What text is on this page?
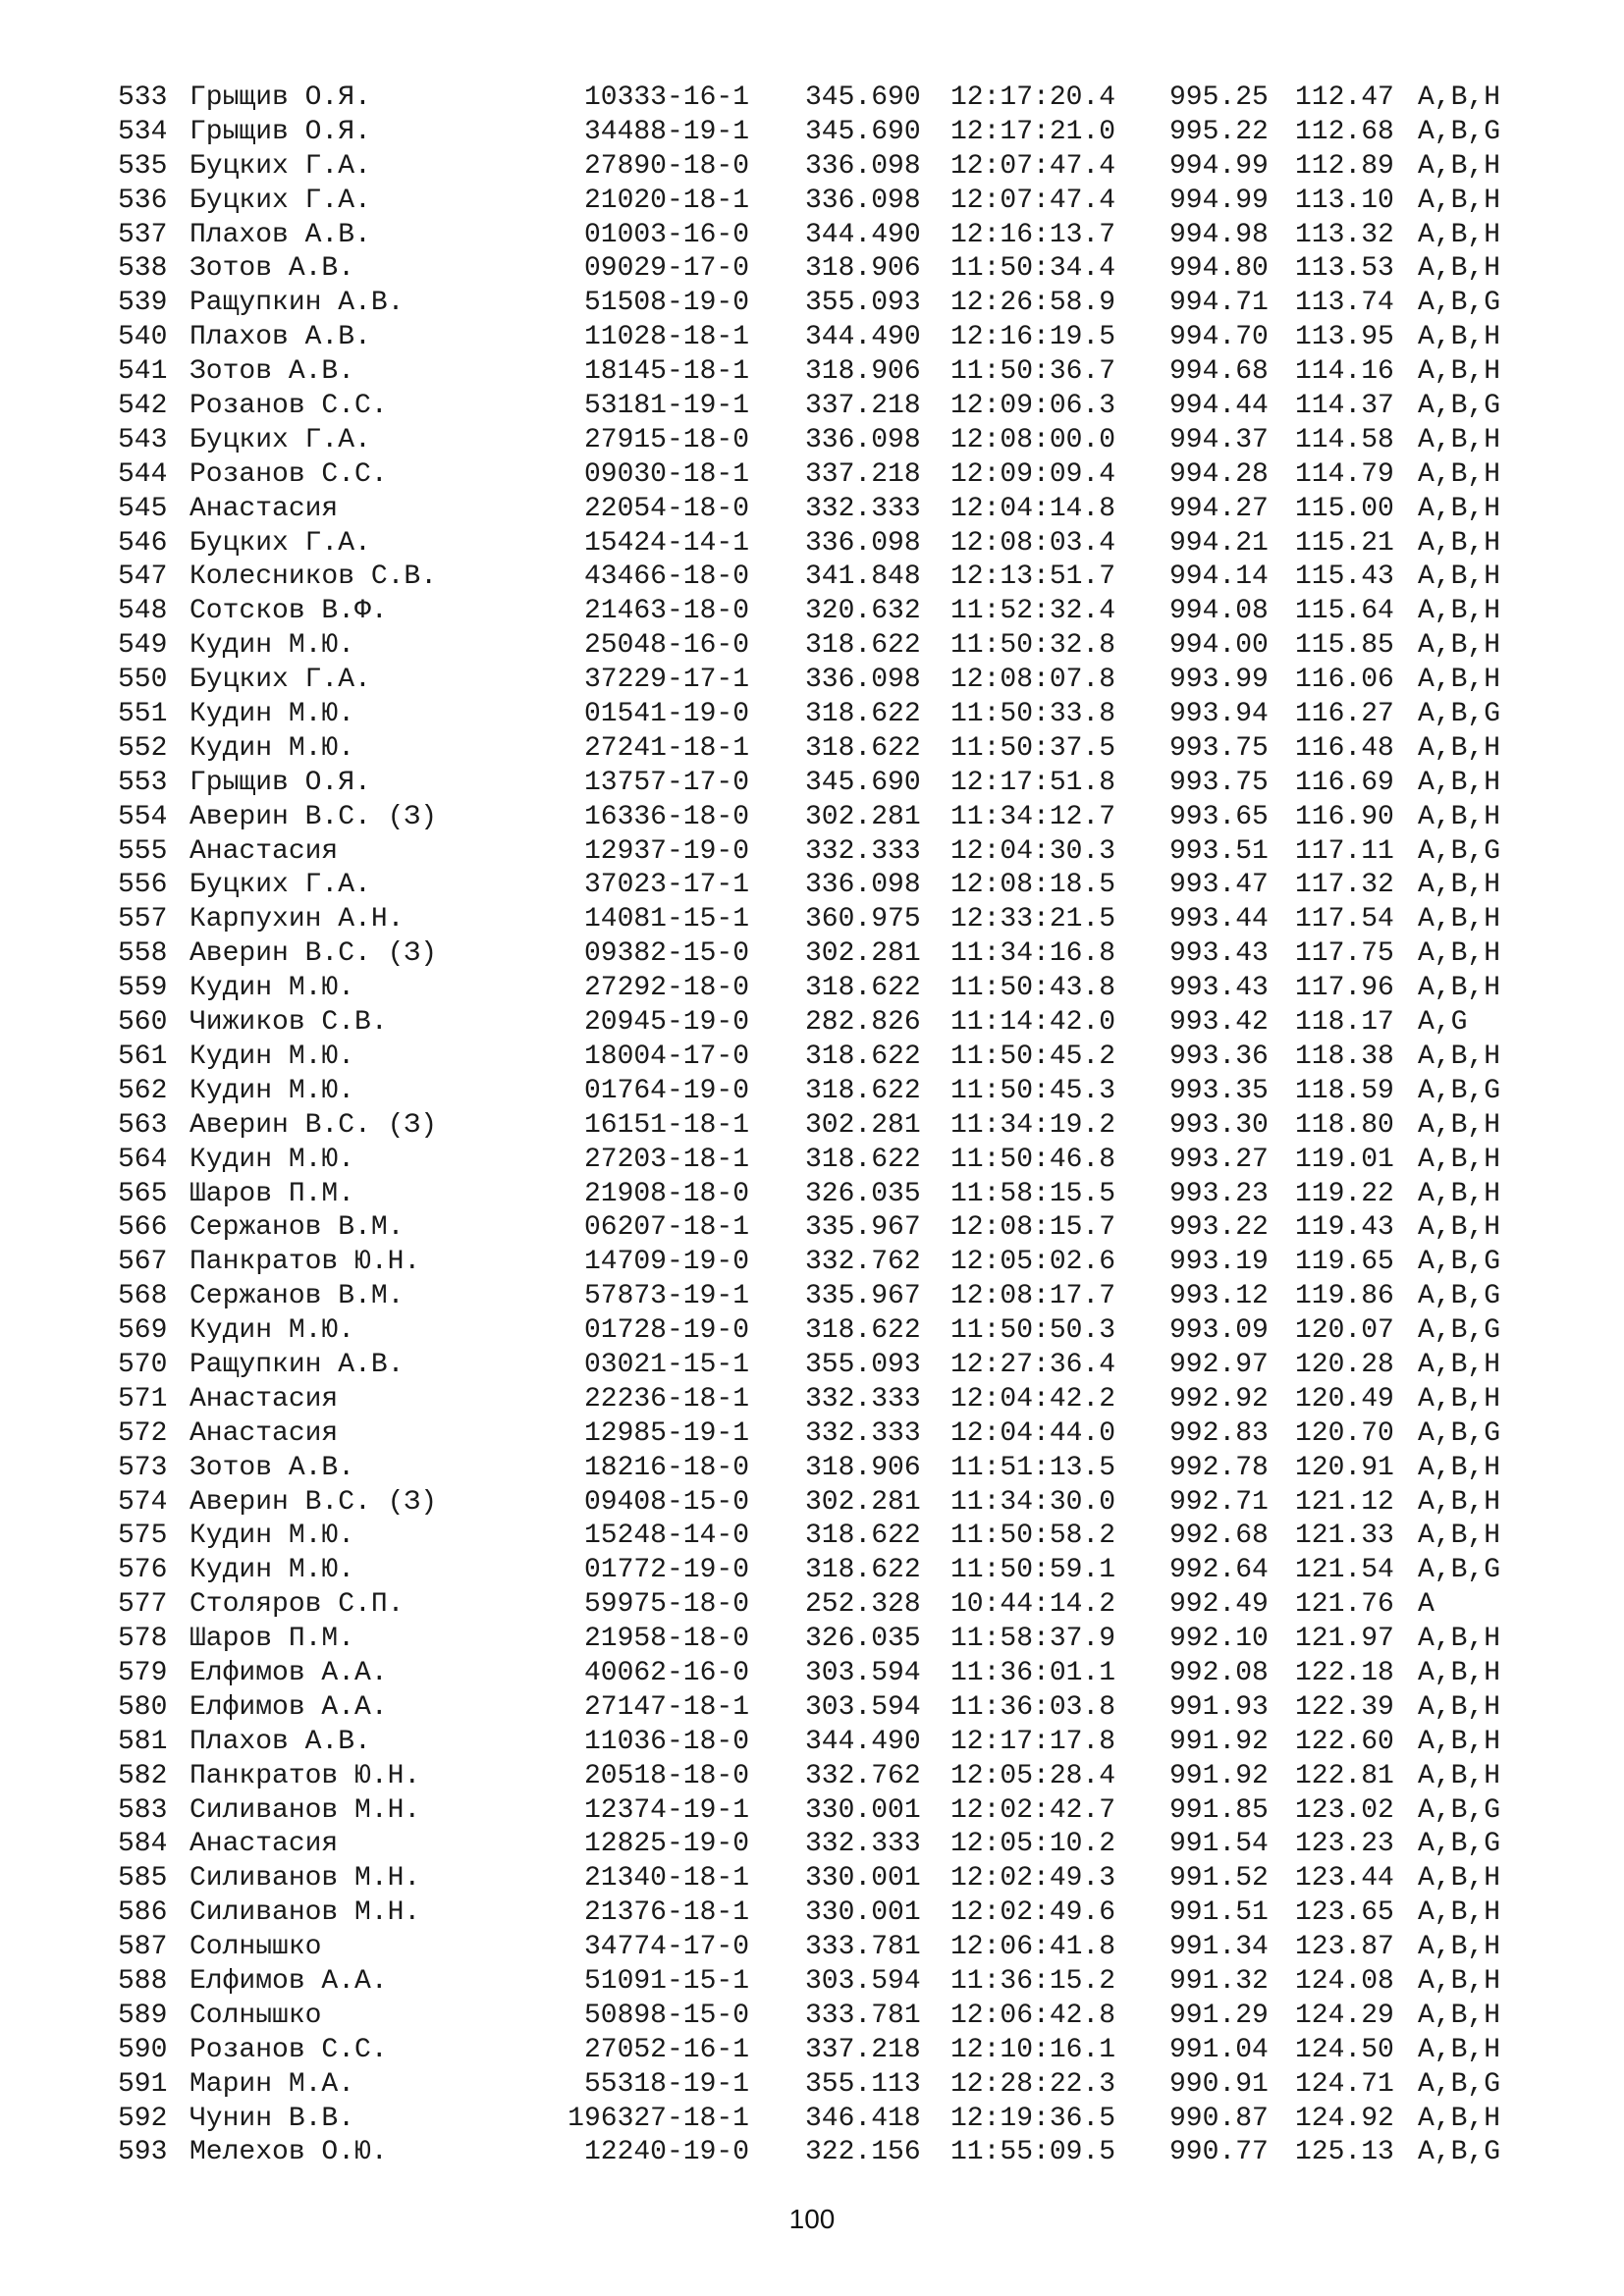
533 Грыщив О.Я.	10333-16-1 345.690 12:17:20.4 995.25 112.47 A,B,H
534 Грыщив О.Я.	34488-19-1 345.690 12:17:21.0 995.22 112.68 A,B,G
535 Буцких Г.А.	27890-18-0 336.098 12:07:47.4 994.99 112.89 A,B,H
536 Буцких Г.А.	21020-18-1 336.098 12:07:47.4 994.99 113.10 A,B,H
537 Плахов А.В.	01003-16-0 344.490 12:16:13.7 994.98 113.32 A,B,H
538 Зотов А.В.	09029-17-0 318.906 11:50:34.4 994.80 113.53 A,B,H
539 Ращупкин А.В.	51508-19-0 355.093 12:26:58.9 994.71 113.74 A,B,G
540 Плахов А.В.	11028-18-1 344.490 12:16:19.5 994.70 113.95 A,B,H
541 Зотов А.В.	18145-18-1 318.906 11:50:36.7 994.68 114.16 A,B,H
542 Розанов С.С.	53181-19-1 337.218 12:09:06.3 994.44 114.37 A,B,G
543 Буцких Г.А.	27915-18-0 336.098 12:08:00.0 994.37 114.58 A,B,H
544 Розанов С.С.	09030-18-1 337.218 12:09:09.4 994.28 114.79 A,B,H
545 Анастасия	22054-18-0 332.333 12:04:14.8 994.27 115.00 A,B,H
546 Буцких Г.А.	15424-14-1 336.098 12:08:03.4 994.21 115.21 A,B,H
547 Колесников С.В.	43466-18-0 341.848 12:13:51.7 994.14 115.43 A,B,H
548 Сотсков В.Ф.	21463-18-0 320.632 11:52:32.4 994.08 115.64 A,B,H
549 Кудин М.Ю.	25048-16-0 318.622 11:50:32.8 994.00 115.85 A,B,H
550 Буцких Г.А.	37229-17-1 336.098 12:08:07.8 993.99 116.06 A,B,H
551 Кудин М.Ю.	01541-19-0 318.622 11:50:33.8 993.94 116.27 A,B,G
552 Кудин М.Ю.	27241-18-1 318.622 11:50:37.5 993.75 116.48 A,B,H
553 Грыщив О.Я.	13757-17-0 345.690 12:17:51.8 993.75 116.69 A,B,H
554 Аверин В.С. (З)	16336-18-0 302.281 11:34:12.7 993.65 116.90 A,B,H
555 Анастасия	12937-19-0 332.333 12:04:30.3 993.51 117.11 A,B,G
556 Буцких Г.А.	37023-17-1 336.098 12:08:18.5 993.47 117.32 A,B,H
557 Карпухин А.Н.	14081-15-1 360.975 12:33:21.5 993.44 117.54 A,B,H
558 Аверин В.С. (З)	09382-15-0 302.281 11:34:16.8 993.43 117.75 A,B,H
559 Кудин М.Ю.	27292-18-0 318.622 11:50:43.8 993.43 117.96 A,B,H
560 Чижиков С.В.	20945-19-0 282.826 11:14:42.0 993.42 118.17 A,G
561 Кудин М.Ю.	18004-17-0 318.622 11:50:45.2 993.36 118.38 A,B,H
562 Кудин М.Ю.	01764-19-0 318.622 11:50:45.3 993.35 118.59 A,B,G
563 Аверин В.С. (З)	16151-18-1 302.281 11:34:19.2 993.30 118.80 A,B,H
564 Кудин М.Ю.	27203-18-1 318.622 11:50:46.8 993.27 119.01 A,B,H
565 Шаров П.М.	21908-18-0 326.035 11:58:15.5 993.23 119.22 A,B,H
566 Сержанов В.М.	06207-18-1 335.967 12:08:15.7 993.22 119.43 A,B,H
567 Панкратов Ю.Н.	14709-19-0 332.762 12:05:02.6 993.19 119.65 A,B,G
568 Сержанов В.М.	57873-19-1 335.967 12:08:17.7 993.12 119.86 A,B,G
569 Кудин М.Ю.	01728-19-0 318.622 11:50:50.3 993.09 120.07 A,B,G
570 Ращупкин А.В.	03021-15-1 355.093 12:27:36.4 992.97 120.28 A,B,H
571 Анастасия	22236-18-1 332.333 12:04:42.2 992.92 120.49 A,B,H
572 Анастасия	12985-19-1 332.333 12:04:44.0 992.83 120.70 A,B,G
573 Зотов А.В.	18216-18-0 318.906 11:51:13.5 992.78 120.91 A,B,H
574 Аверин В.С. (З)	09408-15-0 302.281 11:34:30.0 992.71 121.12 A,B,H
575 Кудин М.Ю.	15248-14-0 318.622 11:50:58.2 992.68 121.33 A,B,H
576 Кудин М.Ю.	01772-19-0 318.622 11:50:59.1 992.64 121.54 A,B,G
577 Столяров С.П.	59975-18-0 252.328 10:44:14.2 992.49 121.76 A
578 Шаров П.М.	21958-18-0 326.035 11:58:37.9 992.10 121.97 A,B,H
579 Елфимов А.А.	40062-16-0 303.594 11:36:01.1 992.08 122.18 A,B,H
580 Елфимов А.А.	27147-18-1 303.594 11:36:03.8 991.93 122.39 A,B,H
581 Плахов А.В.	11036-18-0 344.490 12:17:17.8 991.92 122.60 A,B,H
582 Панкратов Ю.Н.	20518-18-0 332.762 12:05:28.4 991.92 122.81 A,B,H
583 Силиванов М.Н.	12374-19-1 330.001 12:02:42.7 991.85 123.02 A,B,G
584 Анастасия	12825-19-0 332.333 12:05:10.2 991.54 123.23 A,B,G
585 Силиванов М.Н.	21340-18-1 330.001 12:02:49.3 991.52 123.44 A,B,H
586 Силиванов М.Н.	21376-18-1 330.001 12:02:49.6 991.51 123.65 A,B,H
587 Солнышко	34774-17-0 333.781 12:06:41.8 991.34 123.87 A,B,H
588 Елфимов А.А.	51091-15-1 303.594 11:36:15.2 991.32 124.08 A,B,H
589 Солнышко	50898-15-0 333.781 12:06:42.8 991.29 124.29 A,B,H
590 Розанов С.С.	27052-16-1 337.218 12:10:16.1 991.04 124.50 A,B,H
591 Марин М.А.	55318-19-1 355.113 12:28:22.3 990.91 124.71 A,B,G
592 Чунин В.В.	196327-18-1 346.418 12:19:36.5 990.87 124.92 A,B,H
593 Мелехов О.Ю.	12240-19-0 322.156 11:55:09.5 990.77 125.13 A,B,G
100
